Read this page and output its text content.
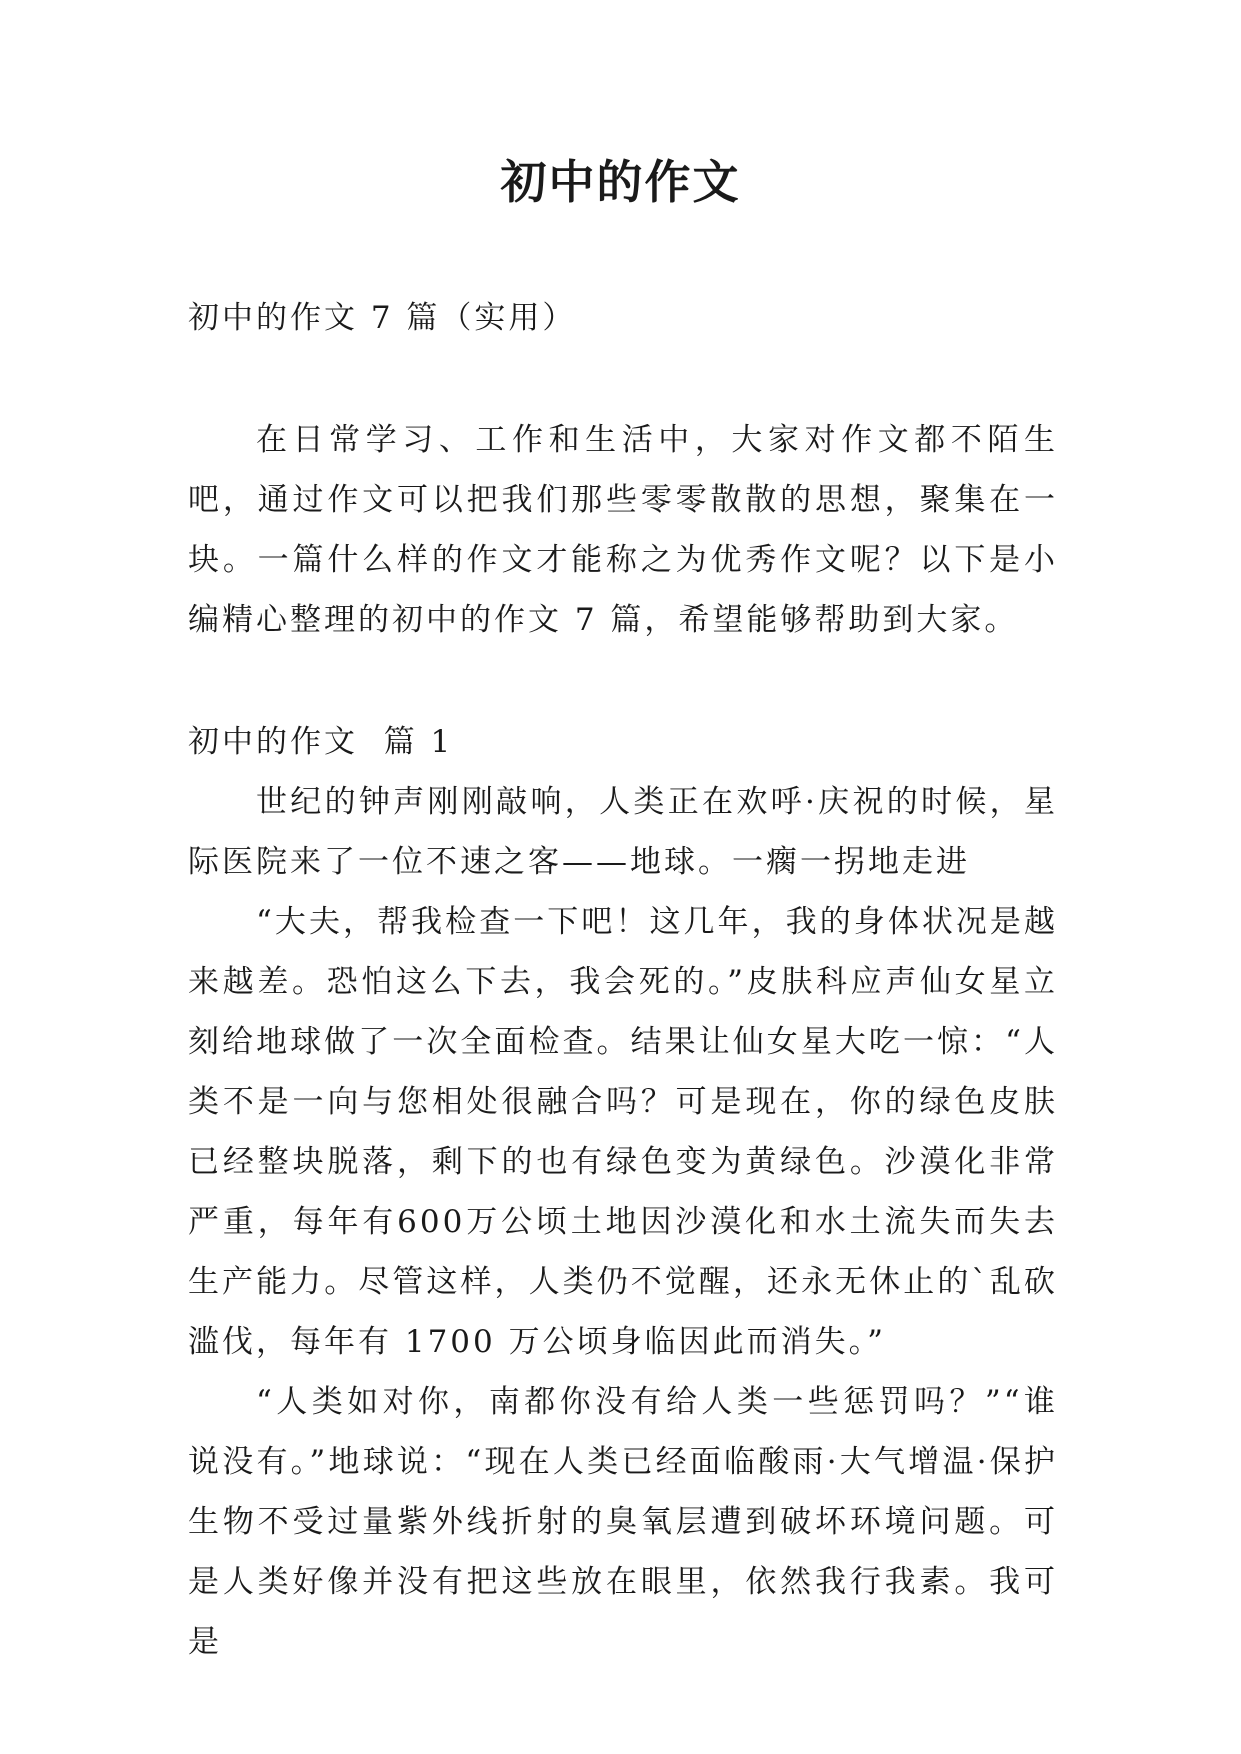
初中的作文

初中的作文 7 篇（实用）

在日常学习、工作和生活中，大家对作文都不陌生吧，通过作文可以把我们那些零零散散的思想，聚集在一块。一篇什么样的作文才能称之为优秀作文呢？以下是小编精心整理的初中的作文 7 篇，希望能够帮助到大家。

初中的作文  篇 1

世纪的钟声刚刚敲响，人类正在欢呼·庆祝的时候，星际医院来了一位不速之客——地球。一瘸一拐地走进

“大夫，帮我检查一下吧！这几年，我的身体状况是越来越差。恐怕这么下去，我会死的。”皮肤科应声仙女星立刻给地球做了一次全面检查。结果让仙女星大吃一惊：“人类不是一向与您相处很融合吗？可是现在，你的绿色皮肤已经整块脱落，剩下的也有绿色变为黄绿色。沙漠化非常严重，每年有600万公顷土地因沙漠化和水土流失而失去生产能力。尽管这样，人类仍不觉醒，还永无休止的`乱砍滥伐，每年有 1700 万公顷身临因此而消失。”

“人类如对你，南都你没有给人类一些惩罚吗？”“谁说没有。”地球说：“现在人类已经面临酸雨·大气增温·保护生物不受过量紫外线折射的臭氧层遭到破坏环境问题。可是人类好像并没有把这些放在眼里，依然我行我素。我可是
